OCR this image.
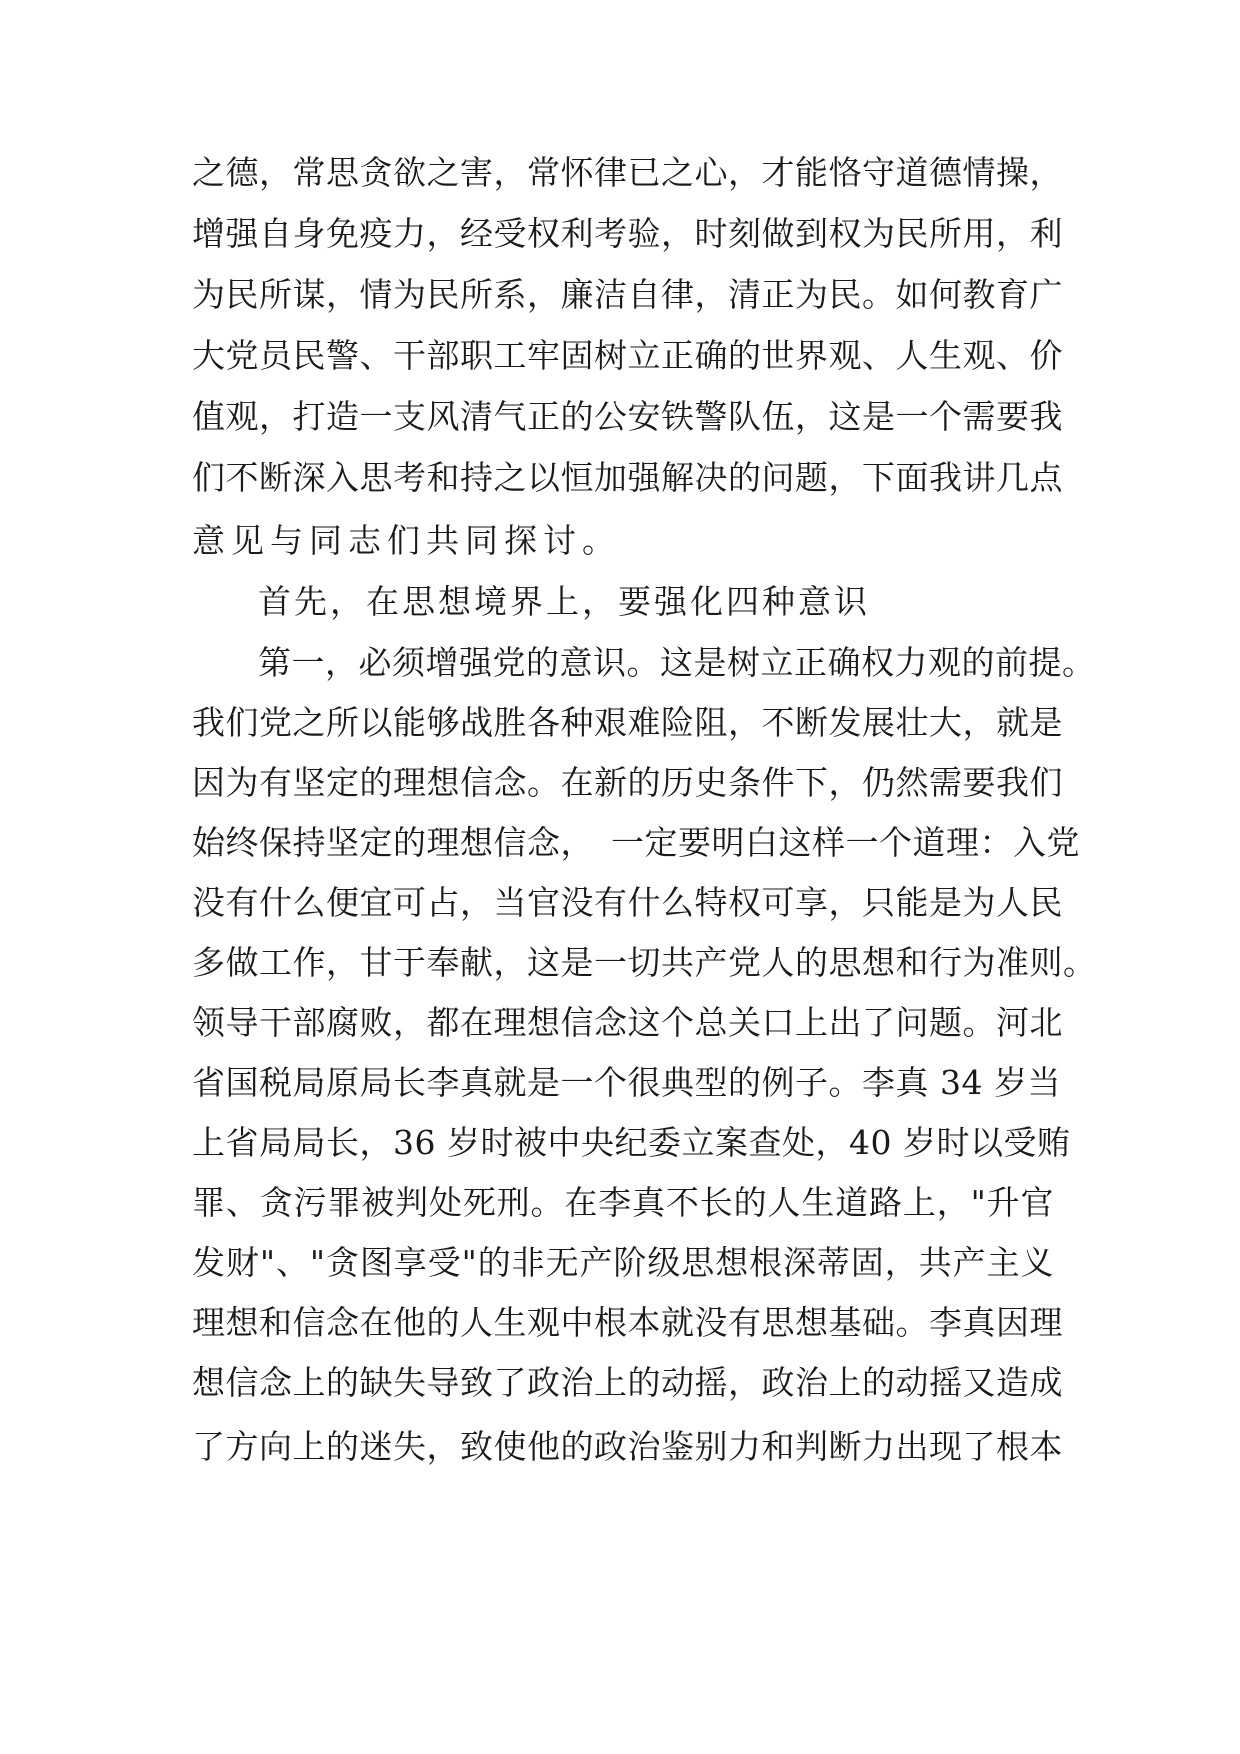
之德，常思贪欲之害，常怀律已之心，才能恪守道德情操，
增强自身免疫力，经受权利考验，时刻做到权为民所用，利
为民所谋，情为民所系，廉洁自律，清正为民。如何教育广
大党员民警、干部职工牢固树立正确的世界观、人生观、价
值观，打造一支风清气正的公安铁警队伍，这是一个需要我
们不断深入思考和持之以恒加强解决的问题，下面我讲几点
意见与同志们共同探讨。
首先，在思想境界上，要强化四种意识
第一，必须增强党的意识。这是树立正确权力观的前提。
我们党之所以能够战胜各种艰难险阻，不断发展壮大，就是
因为有坚定的理想信念。在新的历史条件下，仍然需要我们
始终保持坚定的理想信念，　一定要明白这样一个道理：入党
没有什么便宜可占，当官没有什么特权可享，只能是为人民
多做工作，甘于奉献，这是一切共产党人的思想和行为准则。
领导干部腐败，都在理想信念这个总关口上出了问题。河北
省国税局原局长李真就是一个很典型的例子。李真 34 岁当
上省局局长，36 岁时被中央纪委立案查处，40 岁时以受贿
罪、贪污罪被判处死刑。在李真不长的人生道路上，"升官
发财"、"贪图享受"的非无产阶级思想根深蒂固，共产主义
理想和信念在他的人生观中根本就没有思想基础。李真因理
想信念上的缺失导致了政治上的动摇，政治上的动摇又造成
了方向上的迷失，致使他的政治鉴别力和判断力出现了根本
